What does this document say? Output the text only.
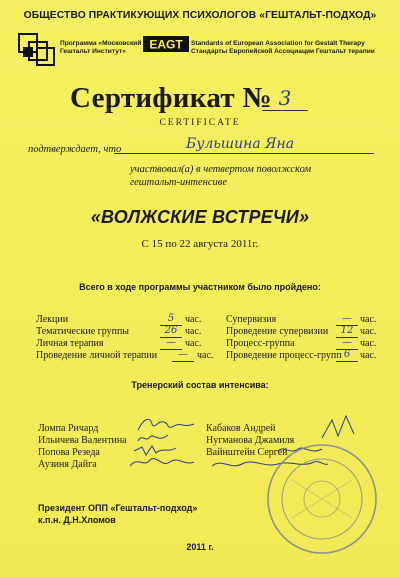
ОБЩЕСТВО ПРАКТИКУЮЩИХ ПСИХОЛОГОВ «ГЕШТАЛЬТ-ПОДХОД»
Программа «Московский
Гештальт Институт»	EAGT Standards of European Association for Gestalt Therapy
Стандарты Европейской Ассоциации Гештальт терапии
Сертификат № 3
CERTIFICATE
подтверждает, что	Бульшина Яна
участвовал(а) в четвертом поволжском гештальт-интенсиве
«ВОЛЖСКИЕ ВСТРЕЧИ»
С 15 по 22 августа 2011г.
Всего в ходе программы участником было пройдено:
Лекции	5	час.
Тематические группы	26 час.
Личная терапия	— час.
Проведение личной терапии	— час.
Супервизия	— час.
Проведение супервизии	12 час.
Процесс-группа	— час.
Проведение процесс-групп 6 час.
Тренерский состав интенсива:
Ломпа Ричард
Ильичева Валентина
Попова Резеда
Аузиня Дайга
Кабаков Андрей
Нугманова Джамиля
Вайнштейн Сергей
Президент ОПП «Гештальт-подход»
к.п.н. Д.Н.Хломов
2011 г.
